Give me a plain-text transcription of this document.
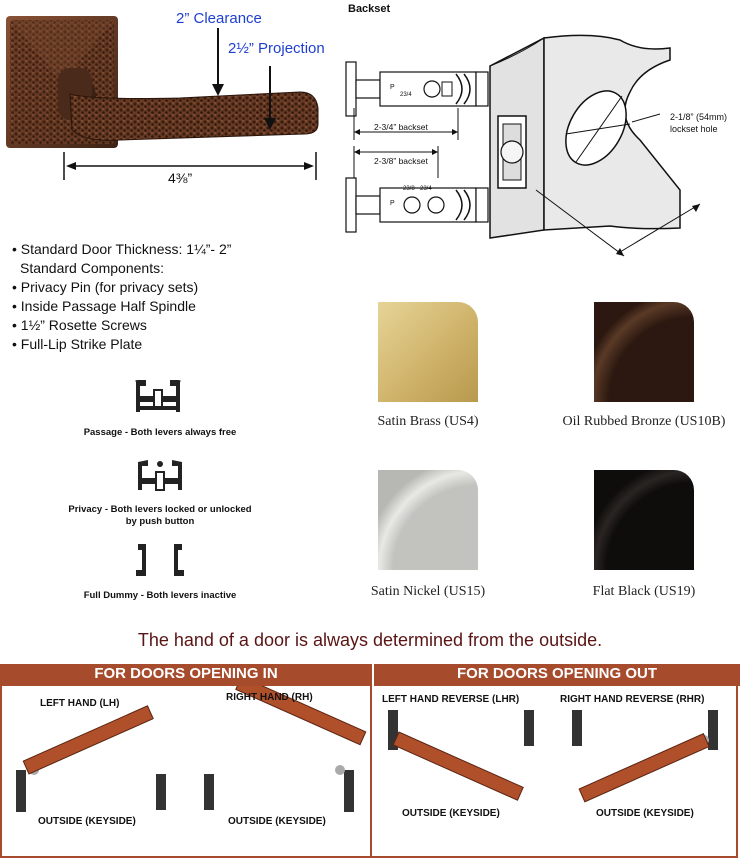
2” Clearance
2½” Projection
4⅜”
Backset
2-3/4” backset
2-3/8” backset
P
23/4
P
23/8 23/4
2-1/8” (54mm)
lockset hole
• Standard Door Thickness: 1¼”- 2”
Standard Components:
• Privacy Pin (for privacy sets)
• Inside Passage Half Spindle
• 1½” Rosette Screws
• Full-Lip Strike Plate
Passage - Both levers always free
Privacy - Both levers locked or unlocked
by push button
Full Dummy - Both levers inactive
Satin Brass (US4)	Oil Rubbed Bronze (US10B)
Satin Nickel (US15)	Flat Black (US19)
The hand of a door is always determined from the outside.
FOR DOORS OPENING IN	FOR DOORS OPENING OUT
LEFT HAND (LH)
RIGHT HAND (RH)	LEFT HAND REVERSE (LHR)	RIGHT HAND REVERSE (RHR)
OUTSIDE (KEYSIDE)	OUTSIDE (KEYSIDE)
OUTSIDE (KEYSIDE)	OUTSIDE (KEYSIDE)
